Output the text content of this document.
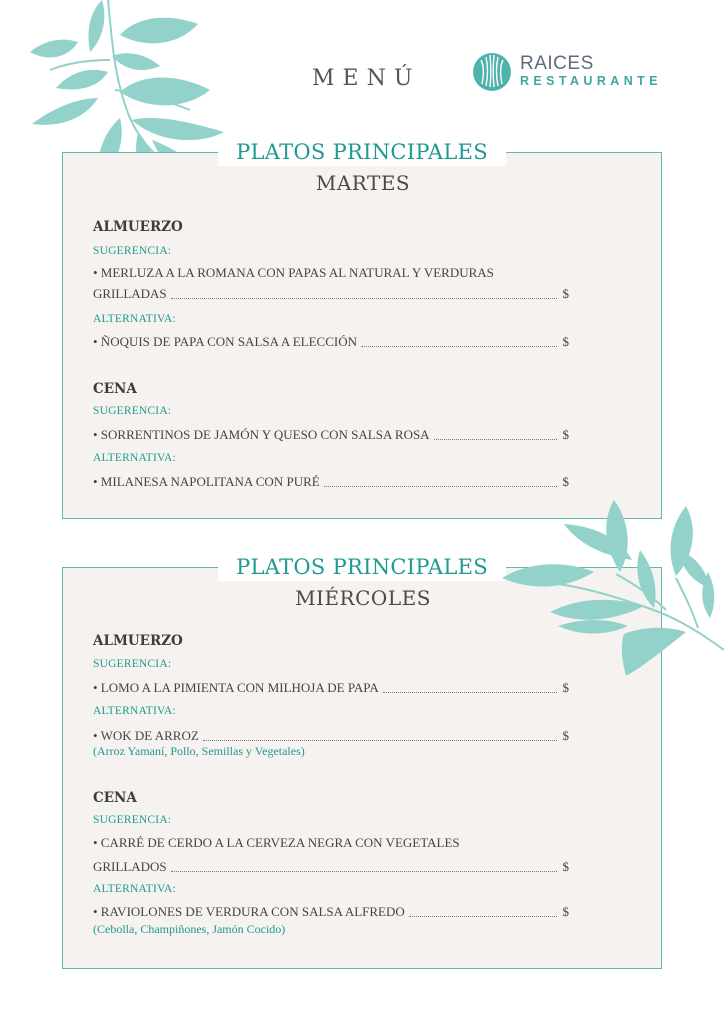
MENÚ
RAICES
RESTAURANTE
PLATOS PRINCIPALES
MARTES
ALMUERZO
SUGERENCIA:
• MERLUZA A LA ROMANA CON PAPAS AL NATURAL Y VERDURAS
GRILLADAS	$
ALTERNATIVA:
• ÑOQUIS DE PAPA CON SALSA A ELECCIÓN	$
CENA
SUGERENCIA:
• SORRENTINOS DE JAMÓN Y QUESO CON SALSA ROSA	$
ALTERNATIVA:
• MILANESA NAPOLITANA CON PURÉ	$
PLATOS PRINCIPALES
MIÉRCOLES
ALMUERZO
SUGERENCIA:
• LOMO A LA PIMIENTA CON MILHOJA DE PAPA	$
ALTERNATIVA:
• WOK DE ARROZ	$
(Arroz Yamaní, Pollo, Semillas y Vegetales)
CENA
SUGERENCIA:
• CARRÉ DE CERDO A LA CERVEZA NEGRA CON VEGETALES
GRILLADOS	$
ALTERNATIVA:
• RAVIOLONES DE VERDURA CON SALSA ALFREDO	$
(Cebolla, Champiñones, Jamón Cocido)
